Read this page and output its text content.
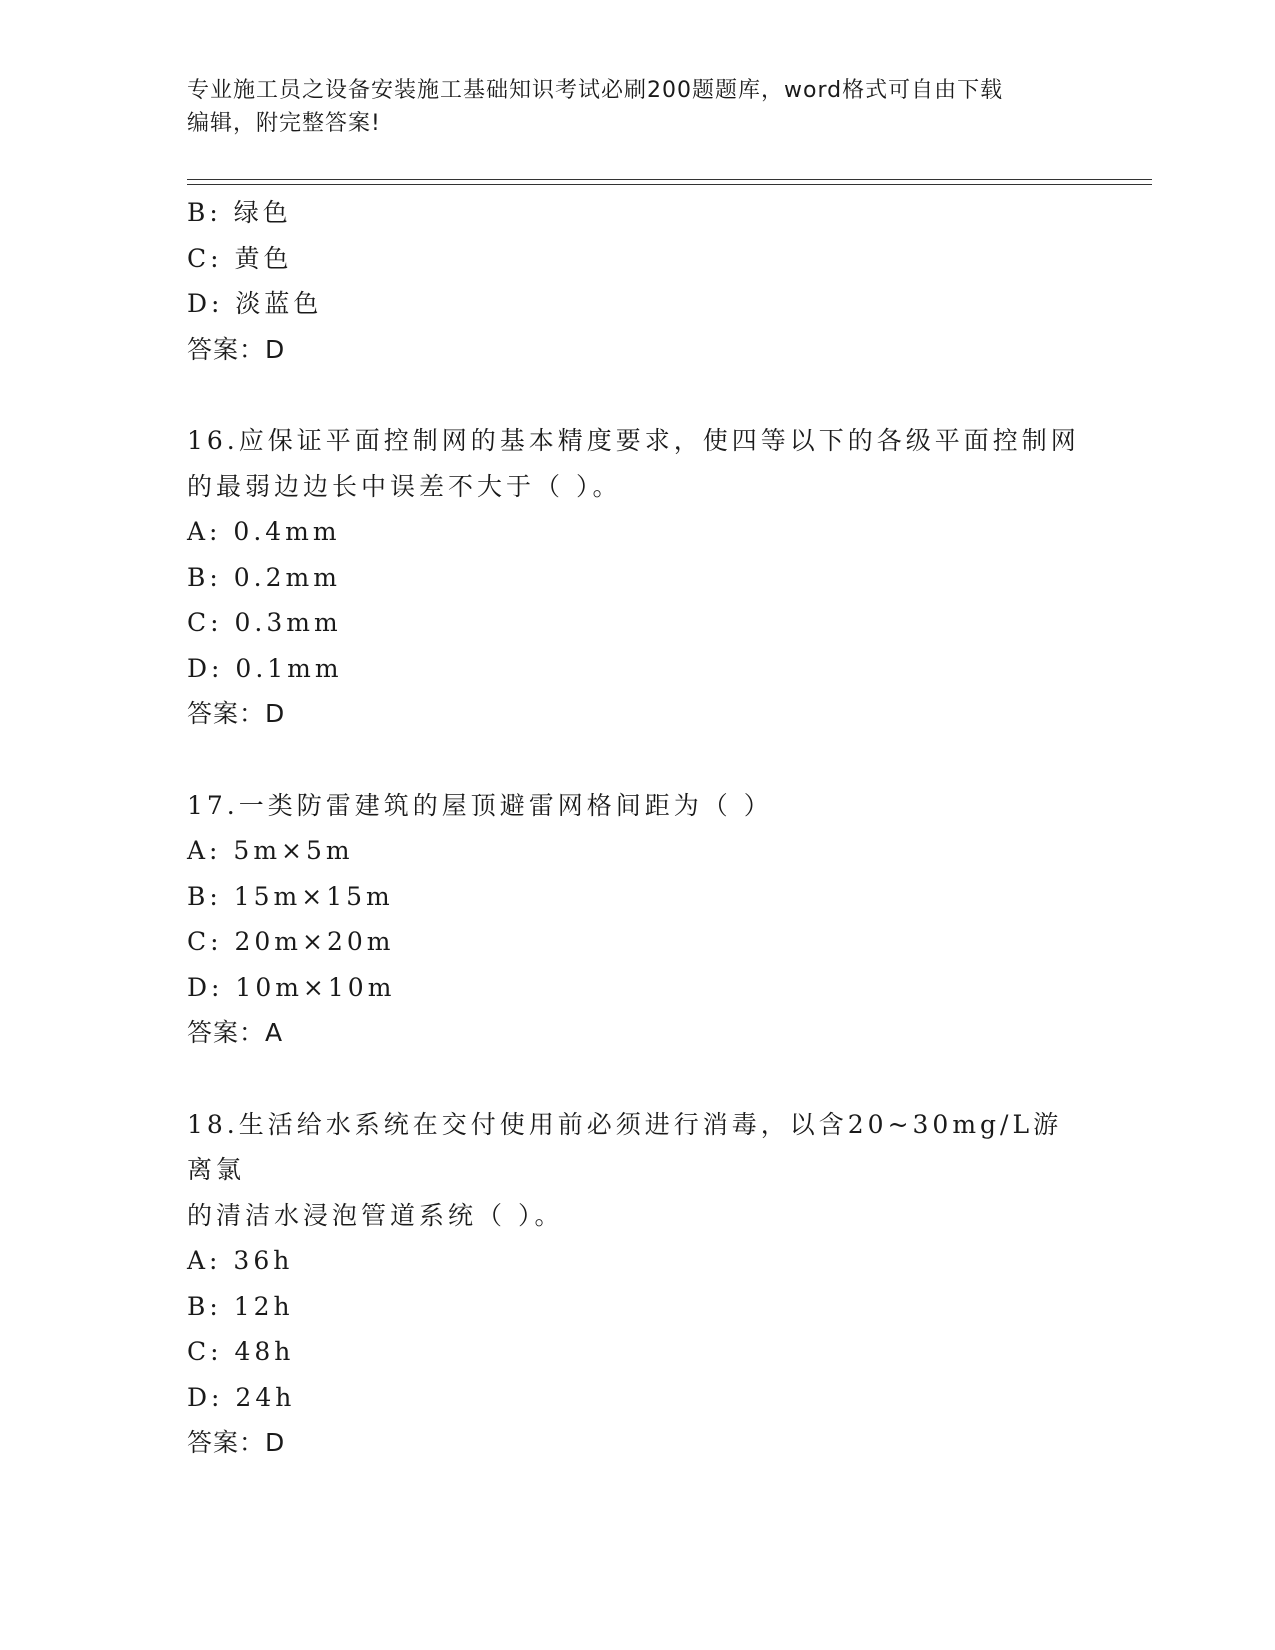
专业施工员之设备安装施工基础知识考试必刷200题题库，word格式可自由下载
编辑，附完整答案!
B: 绿色
C: 黄色
D: 淡蓝色
答案：D
16.应保证平面控制网的基本精度要求，使四等以下的各级平面控制网
的最弱边边长中误差不大于（ ）。
A: 0.4mm
B: 0.2mm
C: 0.3mm
D: 0.1mm
答案：D
17.一类防雷建筑的屋顶避雷网格间距为（ ）
A: 5m×5m
B: 15m×15m
C: 20m×20m
D: 10m×10m
答案：A
18.生活给水系统在交付使用前必须进行消毒，以含20~30mg/L游离氯
的清洁水浸泡管道系统（ ）。
A: 36h
B: 12h
C: 48h
D: 24h
答案：D
